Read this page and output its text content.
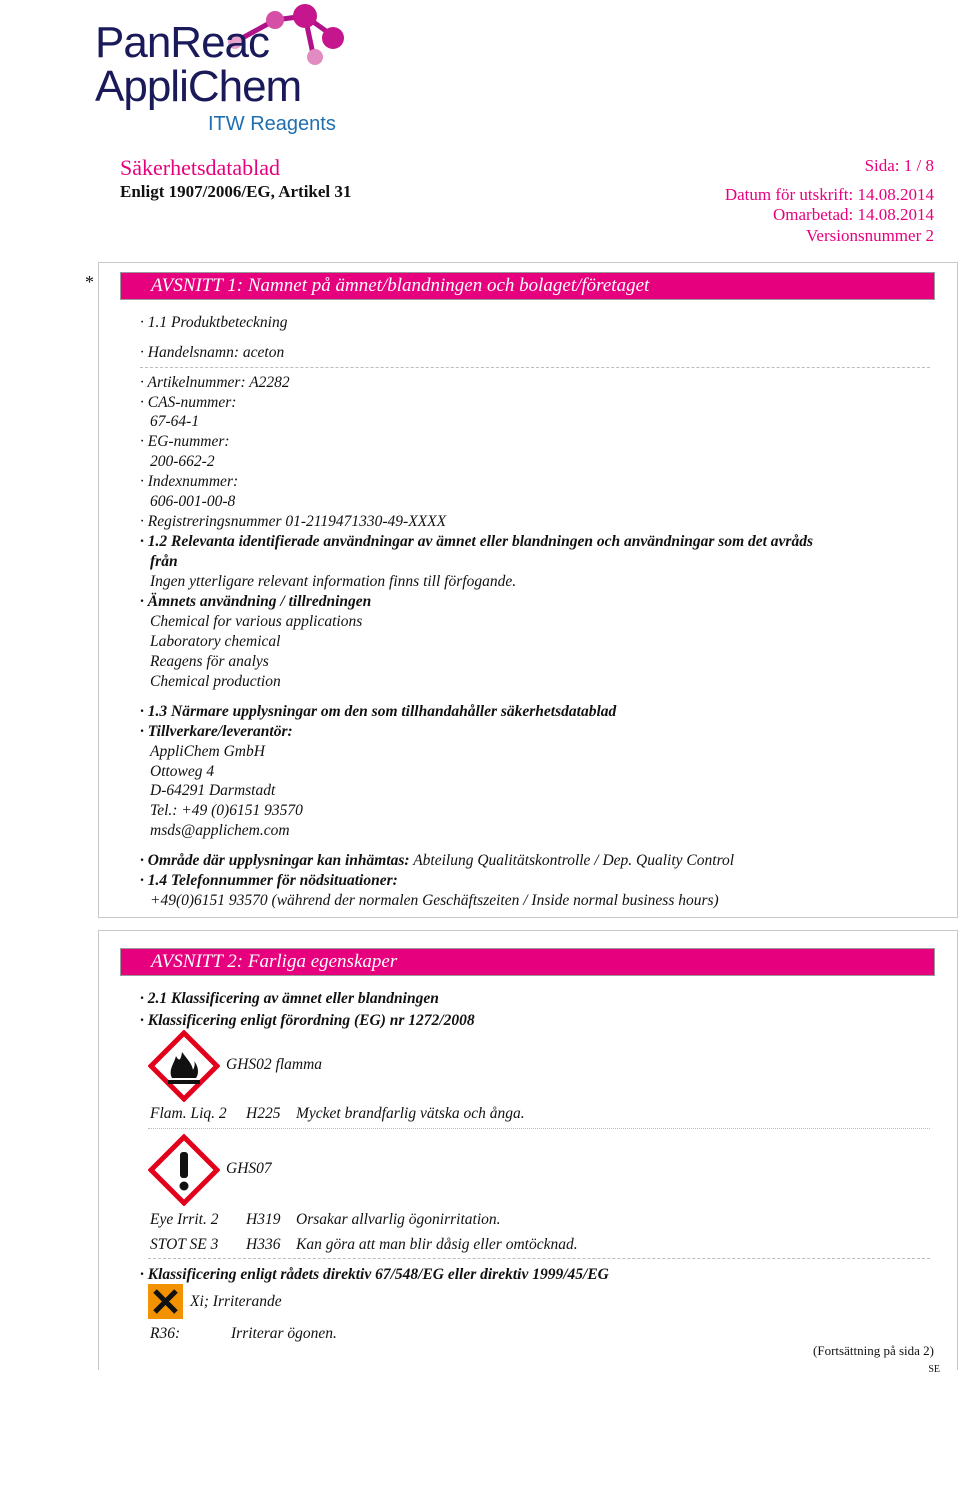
PanReac
AppliChem
ITW Reagents
Säkerhetsdatablad
Enligt 1907/2006/EG, Artikel 31
Sida: 1 / 8
Datum för utskrift: 14.08.2014
Omarbetad: 14.08.2014
Versionsnummer 2
*	AVSNITT 1: Namnet på ämnet/blandningen och bolaget/företaget
· 1.1 Produktbeteckning
· Handelsnamn: aceton
· Artikelnummer: A2282
· CAS-nummer:
67-64-1
· EG-nummer:
200-662-2
· Indexnummer:
606-001-00-8
· Registreringsnummer 01-2119471330-49-XXXX
· 1.2 Relevanta identifierade användningar av ämnet eller blandningen och användningar som det avråds
från
Ingen ytterligare relevant information finns till förfogande.
· Ämnets användning / tillredningen
Chemical for various applications
Laboratory chemical
Reagens för analys
Chemical production
· 1.3 Närmare upplysningar om den som tillhandahåller säkerhetsdatablad
· Tillverkare/leverantör:
AppliChem GmbH
Ottoweg 4
D-64291 Darmstadt
Tel.: +49 (0)6151 93570
msds@applichem.com
· Område där upplysningar kan inhämtas: Abteilung Qualitätskontrolle / Dep. Quality Control
· 1.4 Telefonnummer för nödsituationer:
+49(0)6151 93570 (während der normalen Geschäftszeiten / Inside normal business hours)
AVSNITT 2: Farliga egenskaper
· 2.1 Klassificering av ämnet eller blandningen
· Klassificering enligt förordning (EG) nr 1272/2008
GHS02 flamma
Flam. Liq. 2 H225 Mycket brandfarlig vätska och ånga.
GHS07
Eye Irrit. 2 H319 Orsakar allvarlig ögonirritation.
STOT SE 3 H336 Kan göra att man blir dåsig eller omtöcknad.
· Klassificering enligt rådets direktiv 67/548/EG eller direktiv 1999/45/EG
Xi; Irriterande
R36:	Irriterar ögonen.
(Fortsättning på sida 2)
SE
